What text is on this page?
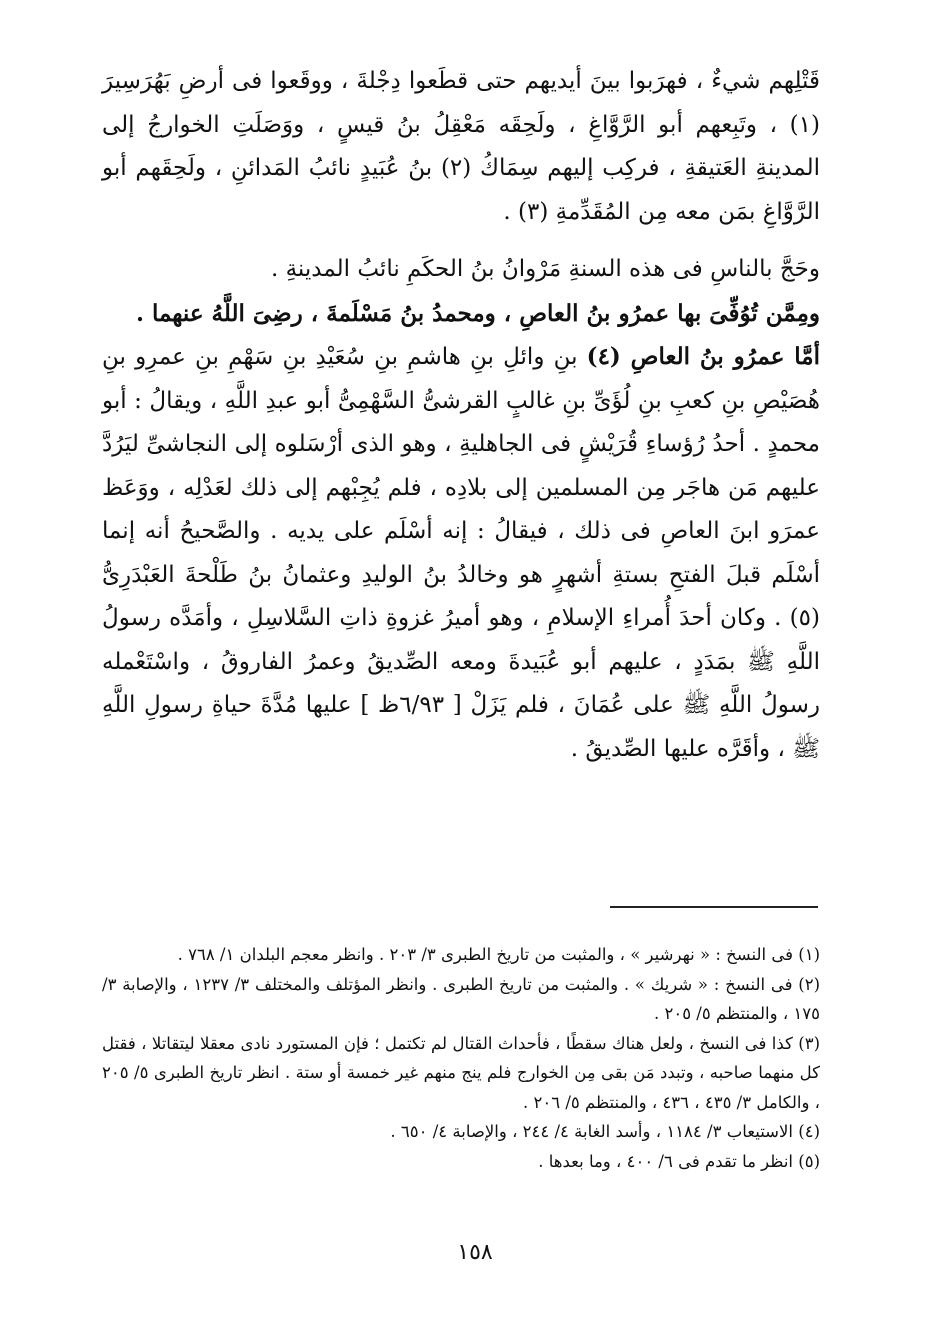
قَتْلِهم شيءٌ ، فهرَبوا بينَ أيديهم حتى قطَعوا دِجْلةَ ، ووقَعوا فى أرضِ بَهُرَسِيرَ (١) ، وتَبِعهم أبو الرَّوَّاغِ ، ولَحِقَه مَعْقِلُ بنُ قيسٍ ، ووَصَلَتِ الخوارجُ إلى المدينةِ العَتيقةِ ، فركِب إليهم سِمَاكُ (٢) بنُ عُبَيدٍ نائبُ المَدائنِ ، ولَحِقَهم أبو الرَّوَّاغِ بمَن معه مِن المُقَدِّمةِ (٣) .

وحَجَّ بالناسِ فى هذه السنةِ مَرْوانُ بنُ الحكَمِ نائبُ المدينةِ .

ومِمَّن تُوُفِّىَ بها عمرُو بنُ العاصِ ، ومحمدُ بنُ مَسْلَمةَ ، رضِىَ اللَّهُ عنهما .

أمَّا عمرُو بنُ العاصِ (٤) بنِ وائلِ بنِ هاشمِ بنِ سُعَيْدِ بنِ سَهْمِ بنِ عمرِو بنِ هُصَيْصِ بنِ كعبِ بنِ لُؤَىِّ بنِ غالبٍ القرشىُّ السَّهْمِىُّ أبو عبدِ اللَّهِ ، ويقالُ : أبو محمدٍ . أحدُ رُؤساءِ قُرَيْشٍ فى الجاهليةِ ، وهو الذى أرْسَلوه إلى النجاشىِّ ليَرُدَّ عليهم مَن هاجَر مِن المسلمين إلى بلادِه ، فلم يُجِبْهم إلى ذلك لعَدْلِه ، ووَعَظ عمرَو ابنَ العاصِ فى ذلك ، فيقالُ : إنه أسْلَم على يديه . والصَّحيحُ أنه إنما أسْلَم قبلَ الفتحِ بستةِ أشهرٍ هو وخالدُ بنُ الوليدِ وعثمانُ بنُ طَلْحةَ العَبْدَرِىُّ (٥) . وكان أحدَ أُمراءِ الإسلامِ ، وهو أميرُ غزوةِ ذاتِ السَّلاسِلِ ، وأمَدَّه رسولُ اللَّهِ ﷺ بمَدَدٍ ، عليهم أبو عُبَيدةَ ومعه الصِّديقُ وعمرُ الفاروقُ ، واسْتَعْمله رسولُ اللَّهِ ﷺ على عُمَانَ ، فلم يَزَلْ [ ٦/٩٣ظ ] عليها مُدَّةَ حياةِ رسولِ اللَّهِ ﷺ ، وأقَرَّه عليها الصِّديقُ .

(١) فى النسخ : « نهرشير » ، والمثبت من تاريخ الطبرى ٣/ ٢٠٣ . وانظر معجم البلدان ١/ ٧٦٨ .

(٢) فى النسخ : « شريك » . والمثبت من تاريخ الطبرى . وانظر المؤتلف والمختلف ٣/ ١٢٣٧ ، والإصابة ٣/ ١٧٥ ، والمنتظم ٥/ ٢٠٥ .

(٣) كذا فى النسخ ، ولعل هناك سقطًا ، فأحداث القتال لم تكتمل ؛ فإن المستورد نادى معقلا ليتقاتلا ، فقتل كل منهما صاحبه ، وتبدد مَن بقى مِن الخوارج فلم ينج منهم غير خمسة أو ستة . انظر تاريخ الطبرى ٥/ ٢٠٥ ، والكامل ٣/ ٤٣٥ ، ٤٣٦ ، والمنتظم ٥/ ٢٠٦ .

(٤) الاستيعاب ٣/ ١١٨٤ ، وأسد الغابة ٤/ ٢٤٤ ، والإصابة ٤/ ٦٥٠ .

(٥) انظر ما تقدم فى ٦/ ٤٠٠ ، وما بعدها .

١٥٨
